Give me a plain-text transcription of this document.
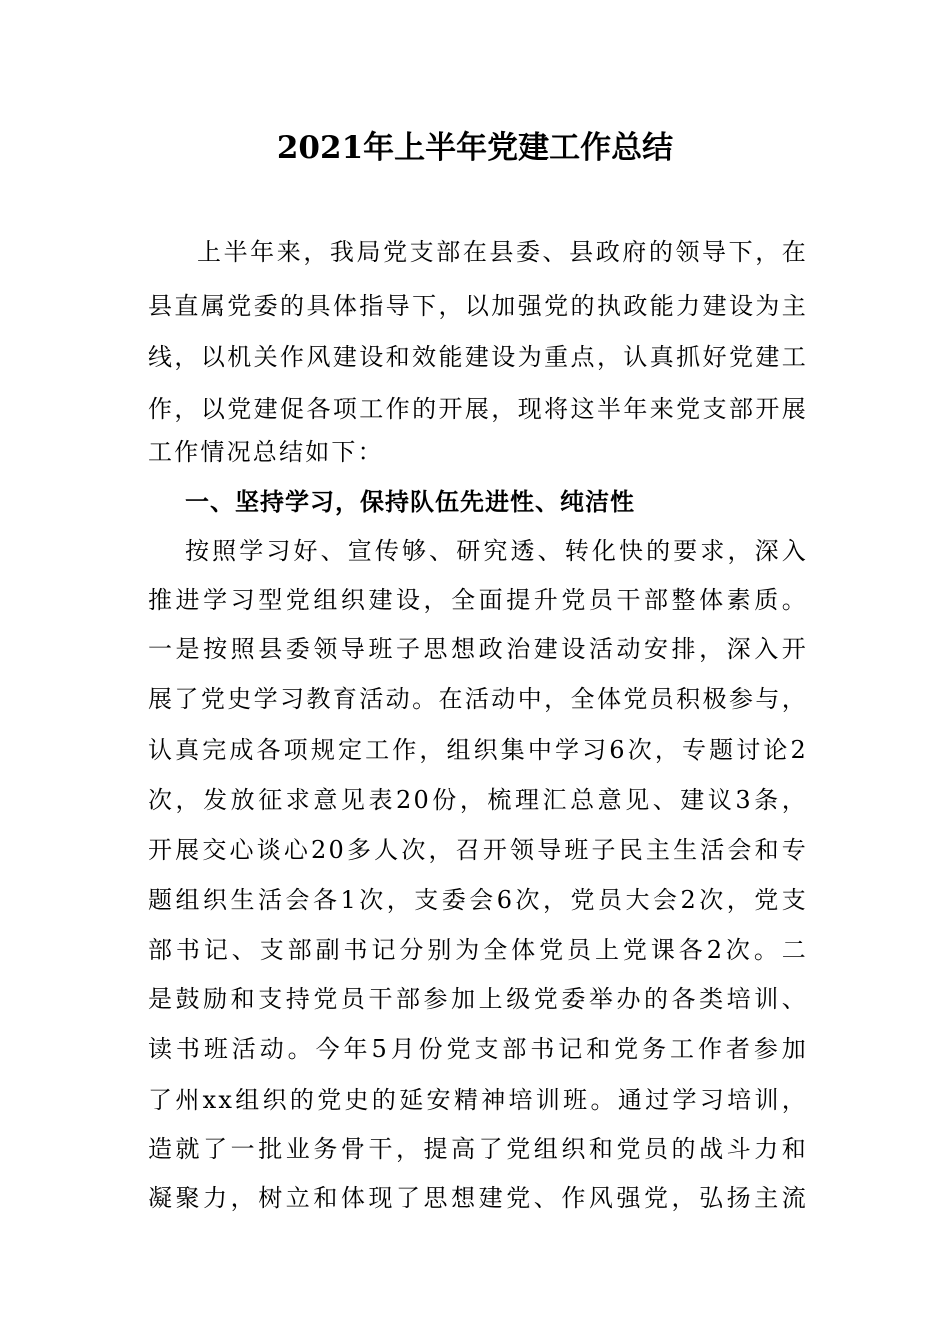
2021年上半年党建工作总结

上半年来，我局党支部在县委、县政府的领导下，在

县直属党委的具体指导下，以加强党的执政能力建设为主

线，以机关作风建设和效能建设为重点，认真抓好党建工

作，以党建促各项工作的开展，现将这半年来党支部开展

工作情况总结如下：

一、坚持学习，保持队伍先进性、纯洁性

按照学习好、宣传够、研究透、转化快的要求，深入

推进学习型党组织建设，全面提升党员干部整体素质。

一是按照县委领导班子思想政治建设活动安排，深入开

展了党史学习教育活动。在活动中，全体党员积极参与，

认真完成各项规定工作，组织集中学习6次，专题讨论2

次，发放征求意见表20份，梳理汇总意见、建议3条，

开展交心谈心20多人次，召开领导班子民主生活会和专

题组织生活会各1次，支委会6次，党员大会2次，党支

部书记、支部副书记分别为全体党员上党课各2次。二

是鼓励和支持党员干部参加上级党委举办的各类培训、

读书班活动。今年5月份党支部书记和党务工作者参加

了州xx组织的党史的延安精神培训班。通过学习培训，

造就了一批业务骨干，提高了党组织和党员的战斗力和

凝聚力，树立和体现了思想建党、作风强党，弘扬主流
